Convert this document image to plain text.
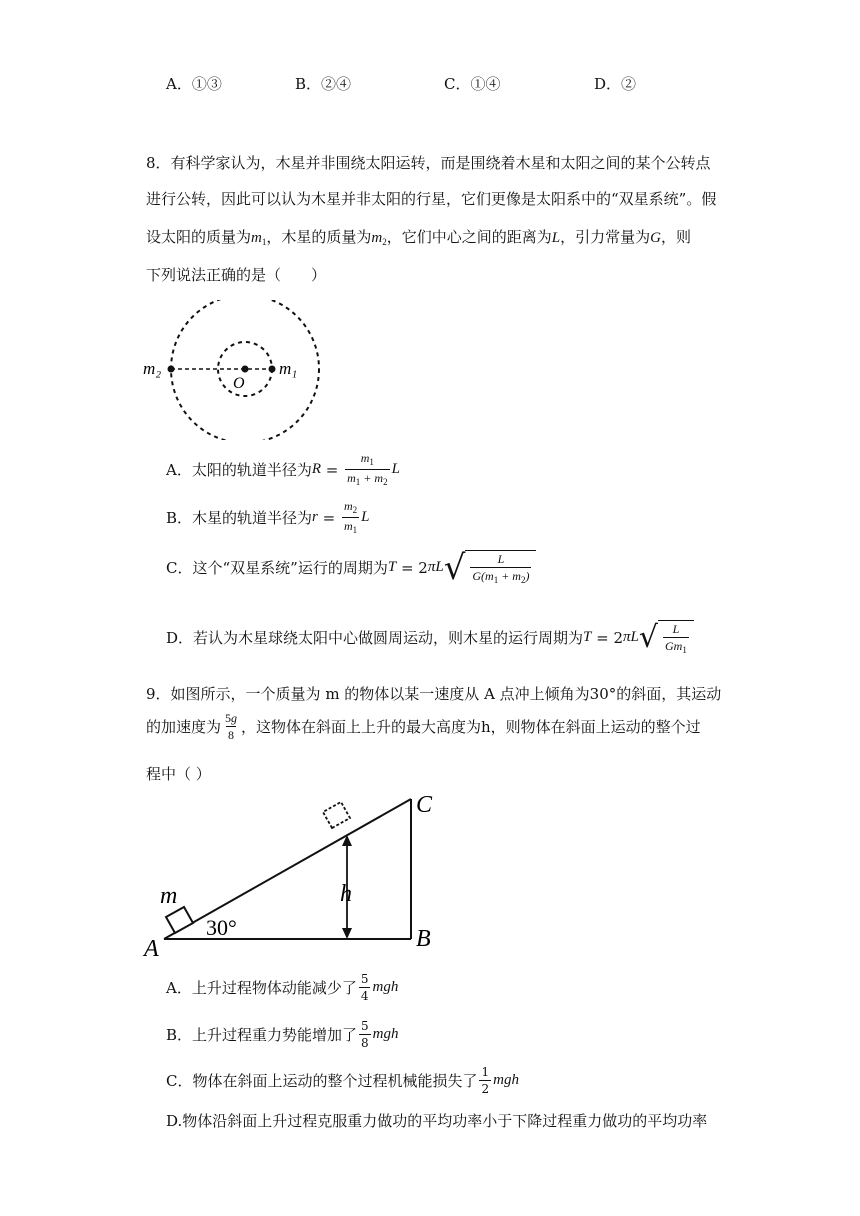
A．①③	B．②④	C．①④	D．②
8．有科学家认为，木星并非围绕太阳运转，而是围绕着木星和太阳之间的某个公转点
进行公转，因此可以认为木星并非太阳的行星，它们更像是太阳系中的“双星系统”。假
设太阳的质量为$m_1$，木星的质量为$m_2$，它们中心之间的距离为L，引力常量为G，则
下列说法正确的是（　　）
m₂	m₁
O
A．太阳的轨道半径为 $R = \frac{m_1}{m_1 + m_2}$ L
B．木星的轨道半径为 $r = \frac{m_2}{m_1}$ L
C．这个“双星系统”运行的周期为 T = 2 πL √ $\frac{L}{G(m_1 + m_2)}$
D．若认为木星球绕太阳中心做圆周运动，则木星的运行周期为 T = 2 πL √ $\frac{L}{Gm_1}$
9．如图所示，一个质量为 m 的物体以某一速度从 A 点冲上倾角为30°的斜面，其运动
的加速度为 $\frac{5g}{8}$ ，这物体在斜面上上升的最大高度为h，则物体在斜面上运动的整个过
程中（ ）
h
m
30°
A	B
C
A．上升过程物体动能减少了 $\frac{5}{4}$ mgh
B．上升过程重力势能增加了 $\frac{5}{8}$ mgh
C．物体在斜面上运动的整个过程机械能损失了 $\frac{1}{2}$ mgh
D.物体沿斜面上升过程克服重力做功的平均功率小于下降过程重力做功的平均功率
